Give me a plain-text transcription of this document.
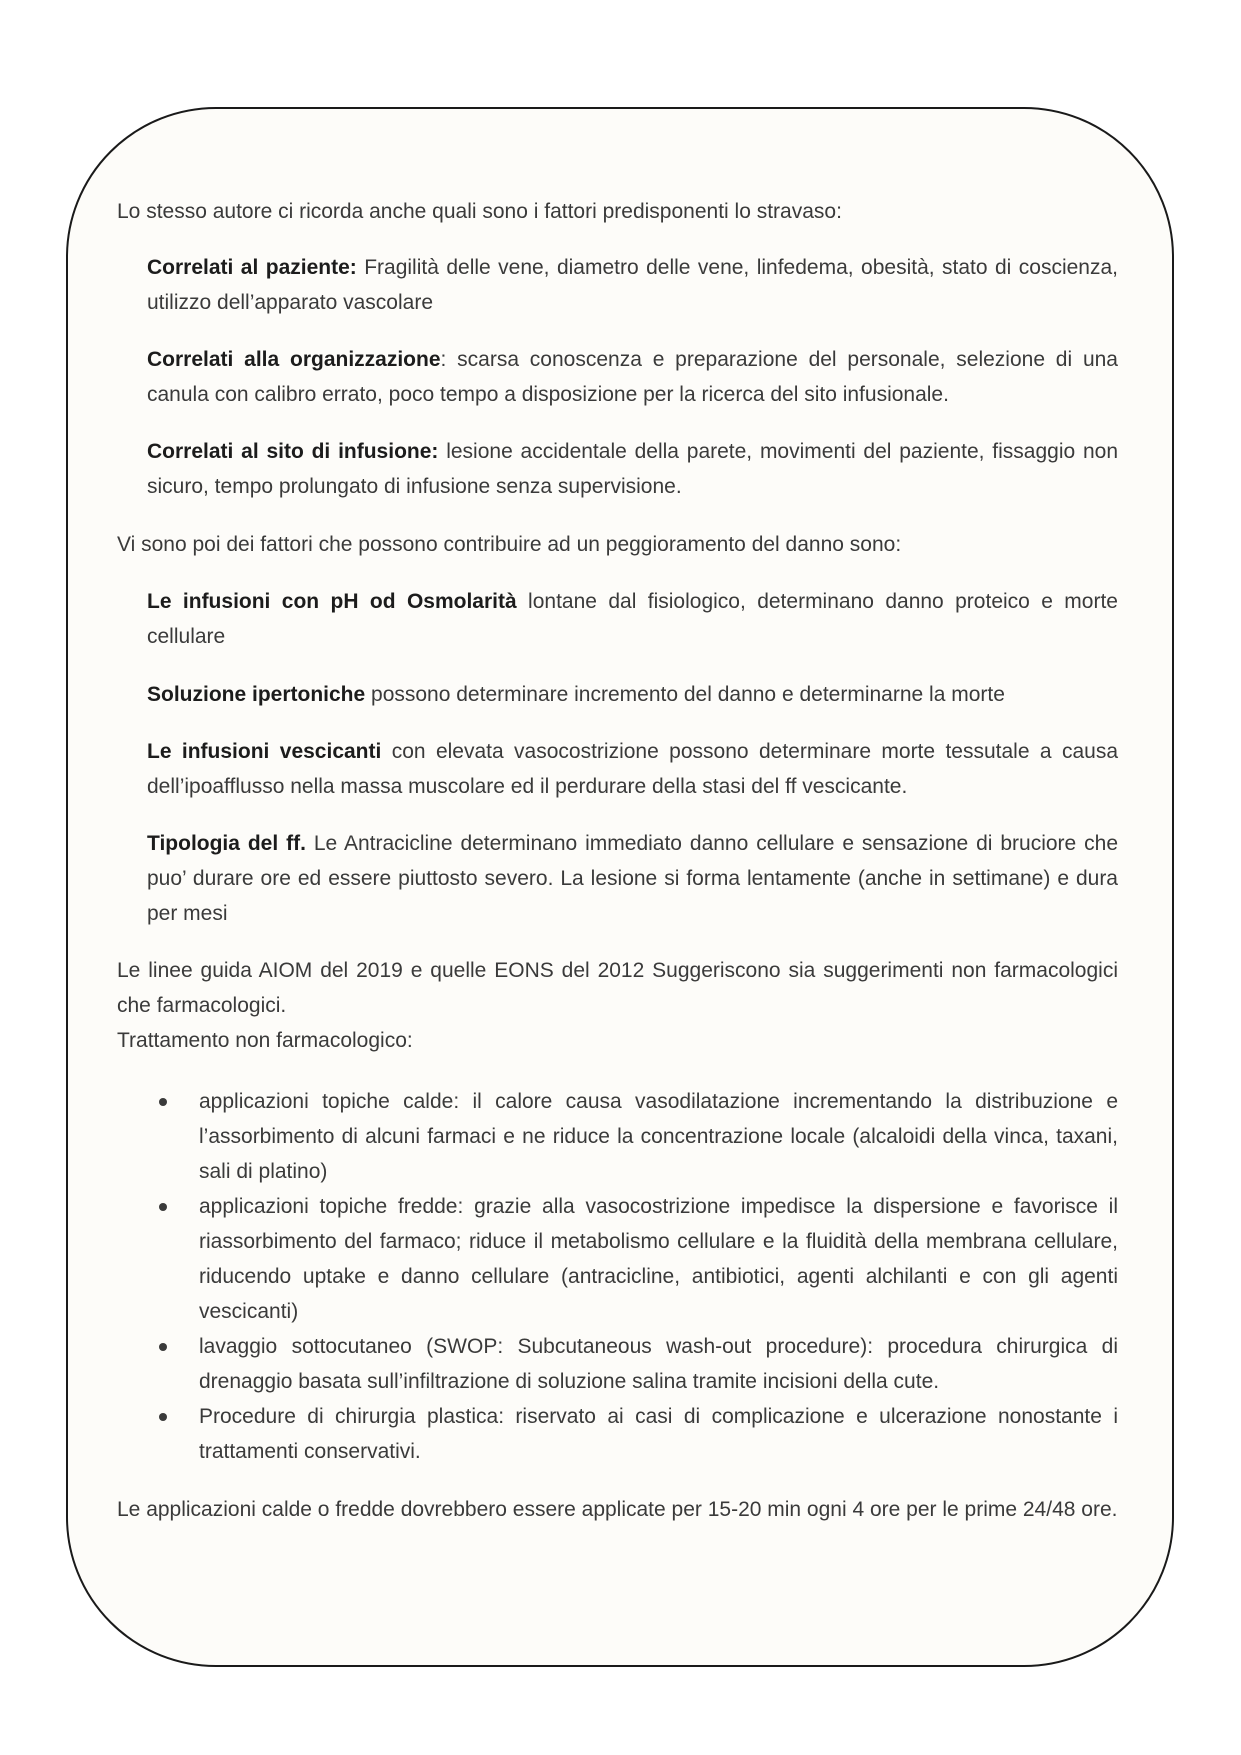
Lo stesso autore ci ricorda anche quali sono i fattori predisponenti lo stravaso:

Correlati al paziente: Fragilità delle vene, diametro delle vene, linfedema, obesità, stato di coscienza, utilizzo dell’apparato vascolare

Correlati alla organizzazione: scarsa conoscenza e preparazione del personale, selezione di una canula con calibro errato, poco tempo a disposizione per la ricerca del sito infusionale.

Correlati al sito di infusione: lesione accidentale della parete, movimenti del paziente, fissaggio non sicuro, tempo prolungato di infusione senza supervisione.

Vi sono poi dei fattori che possono contribuire ad un peggioramento del danno sono:

Le infusioni con pH od Osmolarità lontane dal fisiologico, determinano danno proteico e morte cellulare

Soluzione ipertoniche possono determinare incremento del danno e determinarne la morte

Le infusioni vescicanti con elevata vasocostrizione possono determinare morte tessutale a causa dell’ipoafflusso nella massa muscolare ed il perdurare della stasi del ff vescicante.

Tipologia del ff. Le Antracicline determinano immediato danno cellulare e sensazione di bruciore che puo’ durare ore ed essere piuttosto severo. La lesione si forma lentamente (anche in settimane) e dura per mesi

Le linee guida AIOM del 2019 e quelle EONS del 2012 Suggeriscono sia suggerimenti non farmacologici che farmacologici.

Trattamento non farmacologico:

applicazioni topiche calde: il calore causa vasodilatazione incrementando la distribuzione e l’assorbimento di alcuni farmaci e ne riduce la concentrazione locale (alcaloidi della vinca, taxani, sali di platino)
applicazioni topiche fredde: grazie alla vasocostrizione impedisce la dispersione e favorisce il riassorbimento del farmaco; riduce il metabolismo cellulare e la fluidità della membrana cellulare, riducendo uptake e danno cellulare (antracicline, antibiotici, agenti alchilanti e con gli agenti vescicanti)
lavaggio sottocutaneo (SWOP: Subcutaneous wash-out procedure): procedura chirurgica di drenaggio basata sull’infiltrazione di soluzione salina tramite incisioni della cute.
Procedure di chirurgia plastica: riservato ai casi di complicazione e ulcerazione nonostante i trattamenti conservativi.

Le applicazioni calde o fredde dovrebbero essere applicate per 15-20 min ogni 4 ore per le prime 24/48 ore.
